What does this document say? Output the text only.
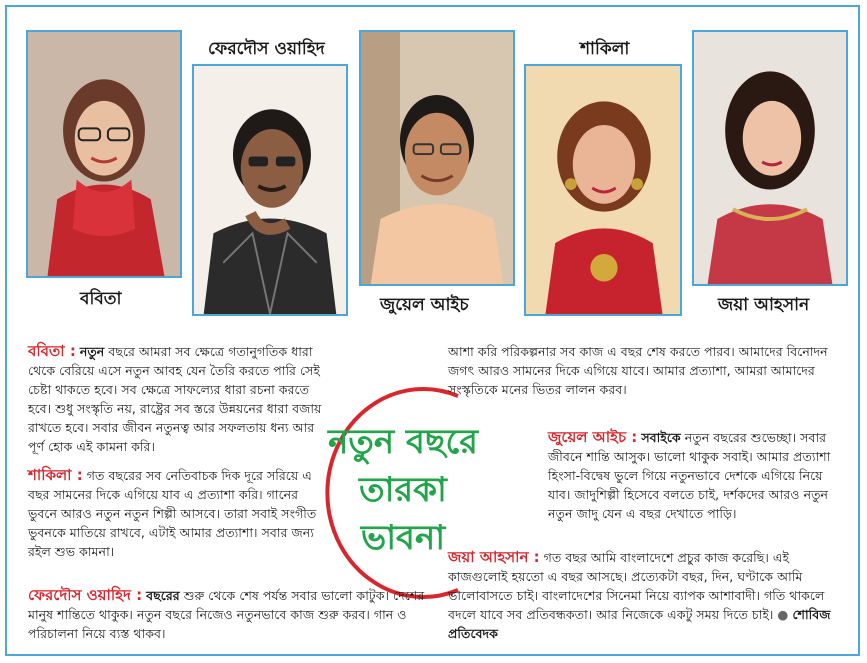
ববিতা
ফেরদৌস ওয়াহিদ
জুয়েল আইচ
শাকিলা
জয়া আহসান
নতুন বছরে
তারকা
ভাবনা

ববিতা : নতুন বছরে আমরা সব ক্ষেত্রে গতানুগতিক ধারা থেকে বেরিয়ে এসে নতুন আবহ যেন তৈরি করতে পারি সেই চেষ্টা থাকতে হবে। সব ক্ষেত্রে সাফল্যের ধারা রচনা করতে হবে। শুধু সংস্কৃতি নয়, রাষ্ট্রের সব স্তরে উন্নয়নের ধারা বজায় রাখতে হবে। সবার জীবন নতুনত্ব আর সফলতায় ধন্য আর পূর্ণ হোক এই কামনা করি।

শাকিলা : গত বছরের সব নেতিবাচক দিক দূরে সরিয়ে এ বছর সামনের দিকে এগিয়ে যাব এ প্রত্যাশা করি। গানের ভুবনে আরও নতুন নতুন শিল্পী আসবে। তারা সবাই সংগীত ভুবনকে মাতিয়ে রাখবে, এটাই আমার প্রত্যাশা। সবার জন্য রইল শুভ কামনা।

ফেরদৌস ওয়াহিদ : বছরের শুরু থেকে শেষ পর্যন্ত সবার ভালো কাটুক। দেশের মানুষ শান্তিতে থাকুক। নতুন বছরে নিজেও নতুনভাবে কাজ শুরু করব। গান ও পরিচালনা নিয়ে ব্যস্ত থাকব।

আশা করি পরিকল্পনার সব কাজ এ বছর শেষ করতে পারব। আমাদের বিনোদন জগৎ আরও সামনের দিকে এগিয়ে যাবে। আমার প্রত্যাশা, আমরা আমাদের সংস্কৃতিকে মনের ভিতর লালন করব।

জুয়েল আইচ : সবাইকে নতুন বছরের শুভেচ্ছা। সবার জীবনে শান্তি আসুক। ভালো থাকুক সবাই। আমার প্রত্যাশা হিংসা-বিদ্বেষ ভুলে গিয়ে নতুনভাবে দেশকে এগিয়ে নিয়ে যাব। জাদুশিল্পী হিসেবে বলতে চাই, দর্শকদের আরও নতুন নতুন জাদু যেন এ বছর দেখাতে পাড়ি।

জয়া আহসান : গত বছর আমি বাংলাদেশে প্রচুর কাজ করেছি। এই কাজগুলোই হয়তো এ বছর আসছে। প্রত্যেকটা বছর, দিন, ঘণ্টাকে আমি ভালোবাসতে চাই। বাংলাদেশের সিনেমা নিয়ে ব্যাপক আশাবাদী। গতি থাকলে বদলে যাবে সব প্রতিবন্ধকতা। আর নিজেকে একটু সময় দিতে চাই। ● শোবিজ প্রতিবেদক
